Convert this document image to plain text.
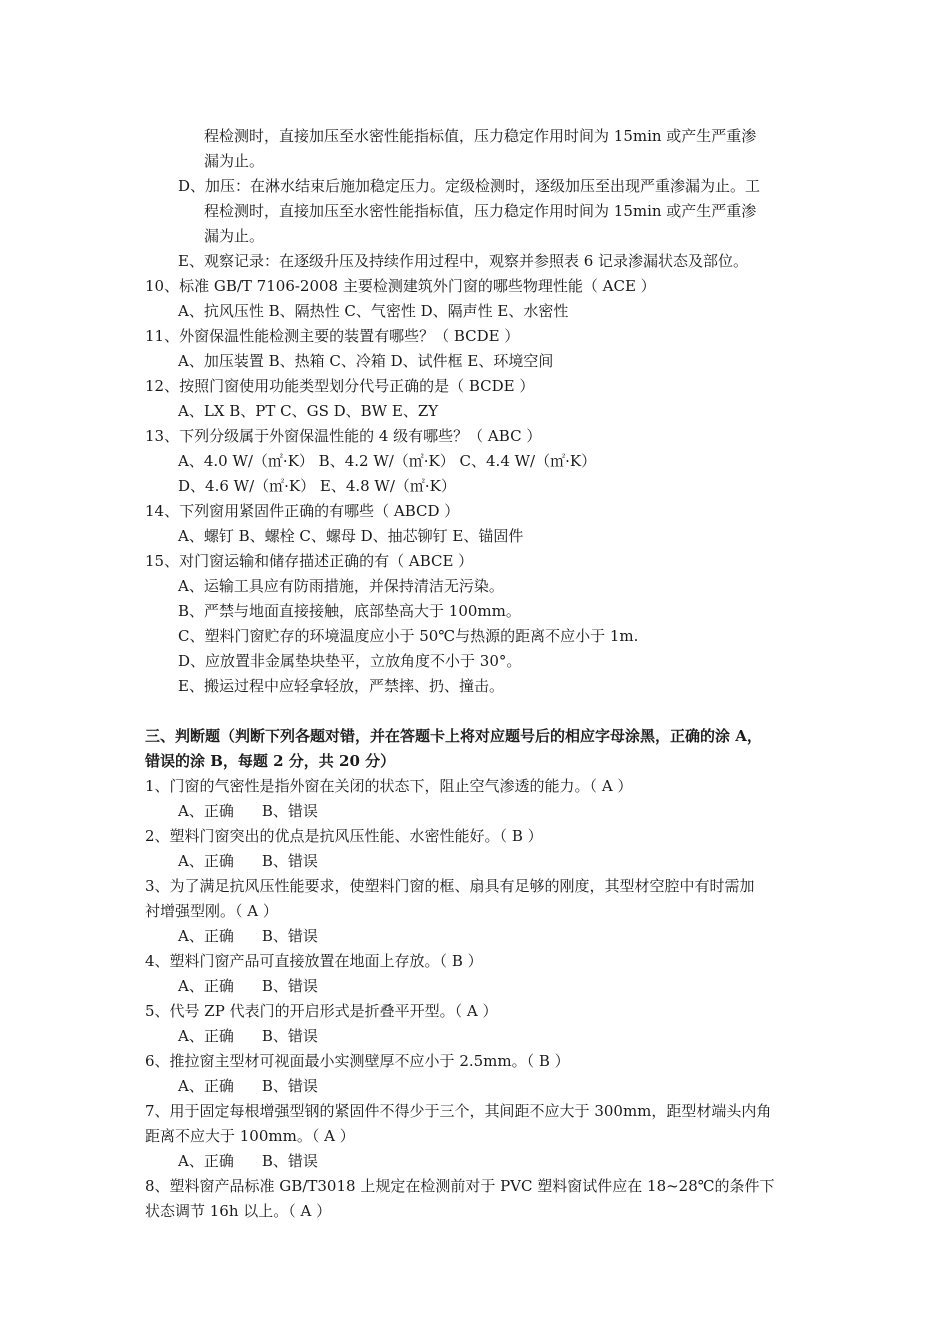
程检测时，直接加压至水密性能指标值，压力稳定作用时间为 15min 或产生严重渗
漏为止。
D、加压：在淋水结束后施加稳定压力。定级检测时，逐级加压至出现严重渗漏为止。工
程检测时，直接加压至水密性能指标值，压力稳定作用时间为 15min 或产生严重渗
漏为止。
E、观察记录：在逐级升压及持续作用过程中，观察并参照表 6 记录渗漏状态及部位。
10、标准 GB/T 7106-2008 主要检测建筑外门窗的哪些物理性能（ ACE ）
A、抗风压性 B、隔热性 C、气密性 D、隔声性 E、水密性
11、外窗保温性能检测主要的装置有哪些？（ BCDE ）
A、加压装置 B、热箱 C、冷箱 D、试件框 E、环境空间
12、按照门窗使用功能类型划分代号正确的是（ BCDE ）
A、LX B、PT C、GS D、BW E、ZY
13、下列分级属于外窗保温性能的 4 级有哪些？（ ABC ）
A、4.0 W/（㎡·K） B、4.2 W/（㎡·K） C、4.4 W/（㎡·K）
D、4.6 W/（㎡·K） E、4.8 W/（㎡·K）
14、下列窗用紧固件正确的有哪些（ ABCD ）
A、螺钉 B、螺栓 C、螺母 D、抽芯铆钉 E、锚固件
15、对门窗运输和储存描述正确的有（ ABCE ）
A、运输工具应有防雨措施，并保持清洁无污染。
B、严禁与地面直接接触，底部垫高大于 100mm。
C、塑料门窗贮存的环境温度应小于 50℃与热源的距离不应小于 1m.
D、应放置非金属垫块垫平，立放角度不小于 30°。
E、搬运过程中应轻拿轻放，严禁摔、扔、撞击。
三、判断题（判断下列各题对错，并在答题卡上将对应题号后的相应字母涂黑，正确的涂 A，
错误的涂 B，每题 2 分，共 20 分）
1、门窗的气密性是指外窗在关闭的状态下，阻止空气渗透的能力。（ A ）
A、正确 B、错误
2、塑料门窗突出的优点是抗风压性能、水密性能好。（ B ）
A、正确 B、错误
3、为了满足抗风压性能要求，使塑料门窗的框、扇具有足够的刚度，其型材空腔中有时需加
衬增强型刚。（ A ）
A、正确 B、错误
4、塑料门窗产品可直接放置在地面上存放。（ B ）
A、正确 B、错误
5、代号 ZP 代表门的开启形式是折叠平开型。（ A ）
A、正确 B、错误
6、推拉窗主型材可视面最小实测壁厚不应小于 2.5mm。（ B ）
A、正确 B、错误
7、用于固定每根增强型钢的紧固件不得少于三个，其间距不应大于 300mm，距型材端头内角
距离不应大于 100mm。（ A ）
A、正确 B、错误
8、塑料窗产品标准 GB/T3018 上规定在检测前对于 PVC 塑料窗试件应在 18~28℃的条件下
状态调节 16h 以上。（ A ）
